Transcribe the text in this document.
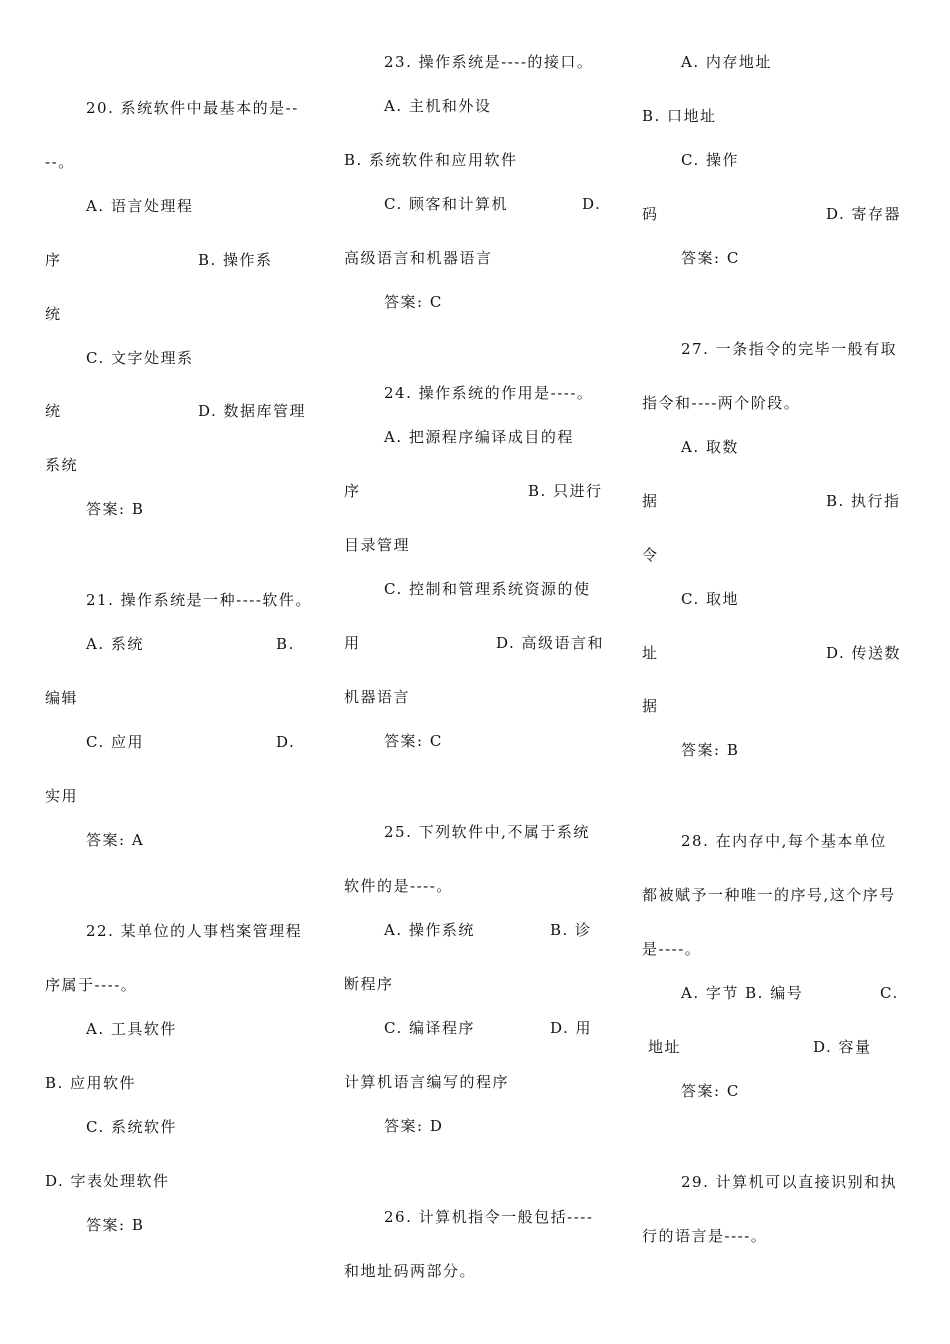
20. 系统软件中最基本的是--
--。
A. 语言处理程
序	B. 操作系
统
C. 文字处理系
统	D. 数据库管理
系统
答案: B
21. 操作系统是一种----软件。
A. 系统	B.
编辑
C. 应用	D.
实用
答案: A
22. 某单位的人事档案管理程
序属于----。
A. 工具软件
B. 应用软件
C. 系统软件
D. 字表处理软件
答案: B
23. 操作系统是----的接口。
A. 主机和外设
B. 系统软件和应用软件
C. 顾客和计算机	D.
高级语言和机器语言
答案: C
24. 操作系统的作用是----。
A. 把源程序编译成目的程
序	B. 只进行
目录管理
C. 控制和管理系统资源的使
用	D. 高级语言和
机器语言
答案: C
25. 下列软件中,不属于系统
软件的是----。
A. 操作系统	B. 诊
断程序
C. 编译程序	D. 用
计算机语言编写的程序
答案: D
26. 计算机指令一般包括----
和地址码两部分。
A. 内存地址
B. 口地址
C. 操作
码	D. 寄存器
答案: C
27. 一条指令的完毕一般有取
指令和----两个阶段。
A. 取数
据	B. 执行指
令
C. 取地
址	D. 传送数
据
答案: B
28. 在内存中,每个基本单位
都被赋予一种唯一的序号,这个序号
是----。
A. 字节 B. 编号	C.
地址	D. 容量
答案: C
29. 计算机可以直接识别和执
行的语言是----。
